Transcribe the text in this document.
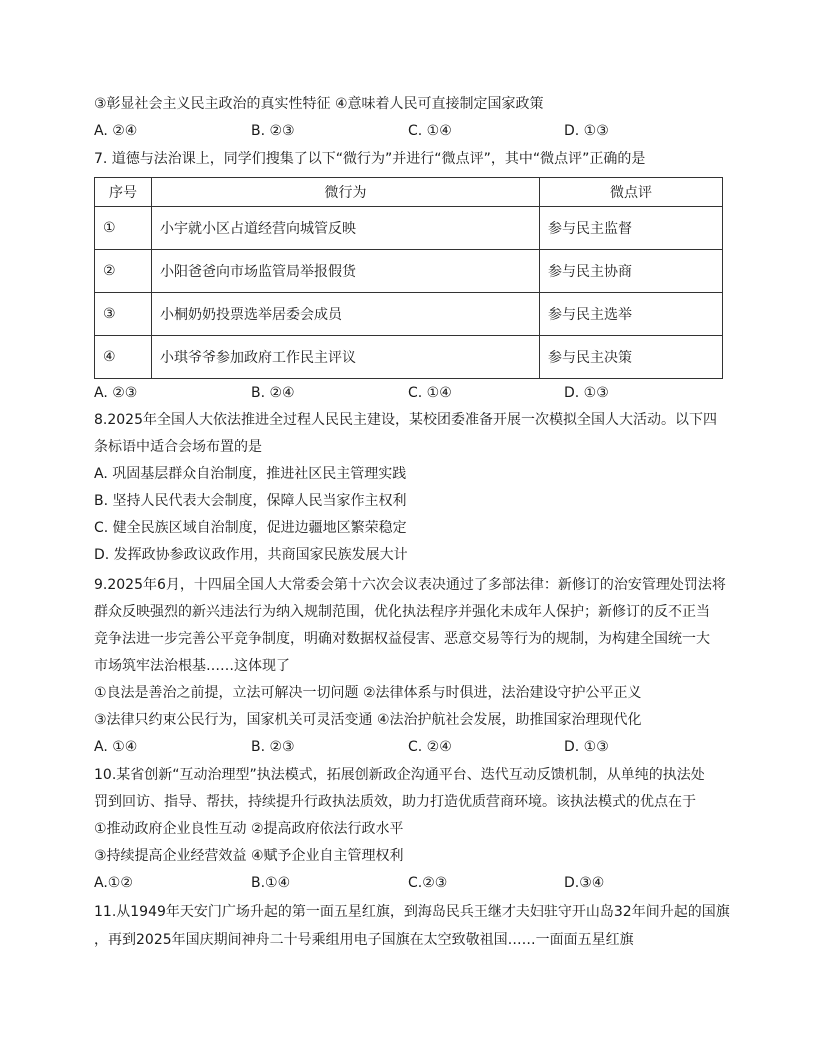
③彰显社会主义民主政治的真实性特征 ④意味着人民可直接制定国家政策
A. ②④	B. ②③	C. ①④	D. ①③
7. 道德与法治课上，同学们搜集了以下“微行为”并进行“微点评”，其中“微点评”正确的是
序号	微行为	微点评
①	小宇就小区占道经营向城管反映	参与民主监督
②	小阳爸爸向市场监管局举报假货	参与民主协商
③	小桐奶奶投票选举居委会成员	参与民主选举
④	小琪爷爷参加政府工作民主评议	参与民主决策
A. ②③	B. ②④	C. ①④	D. ①③
8.2025年全国人大依法推进全过程人民民主建设，某校团委准备开展一次模拟全国人大活动。以下四
条标语中适合会场布置的是
A. 巩固基层群众自治制度，推进社区民主管理实践
B. 坚持人民代表大会制度，保障人民当家作主权利
C. 健全民族区域自治制度，促进边疆地区繁荣稳定
D. 发挥政协参政议政作用，共商国家民族发展大计
9.2025年6月，十四届全国人大常委会第十六次会议表决通过了多部法律：新修订的治安管理处罚法将
群众反映强烈的新兴违法行为纳入规制范围，优化执法程序并强化未成年人保护；新修订的反不正当
竞争法进一步完善公平竞争制度，明确对数据权益侵害、恶意交易等行为的规制，为构建全国统一大
市场筑牢法治根基……这体现了
①良法是善治之前提，立法可解决一切问题 ②法律体系与时俱进，法治建设守护公平正义
③法律只约束公民行为，国家机关可灵活变通 ④法治护航社会发展，助推国家治理现代化
A. ①④	B. ②③	C. ②④	D. ①③
10.某省创新“互动治理型”执法模式，拓展创新政企沟通平台、迭代互动反馈机制，从单纯的执法处
罚到回访、指导、帮扶，持续提升行政执法质效，助力打造优质营商环境。该执法模式的优点在于
①推动政府企业良性互动 ②提高政府依法行政水平
③持续提高企业经营效益 ④赋予企业自主管理权利
A.①②	B.①④	C.②③	D.③④
11.从1949年天安门广场升起的第一面五星红旗，到海岛民兵王继才夫妇驻守开山岛32年间升起的国旗
，再到2025年国庆期间神舟二十号乘组用电子国旗在太空致敬祖国……一面面五星红旗
